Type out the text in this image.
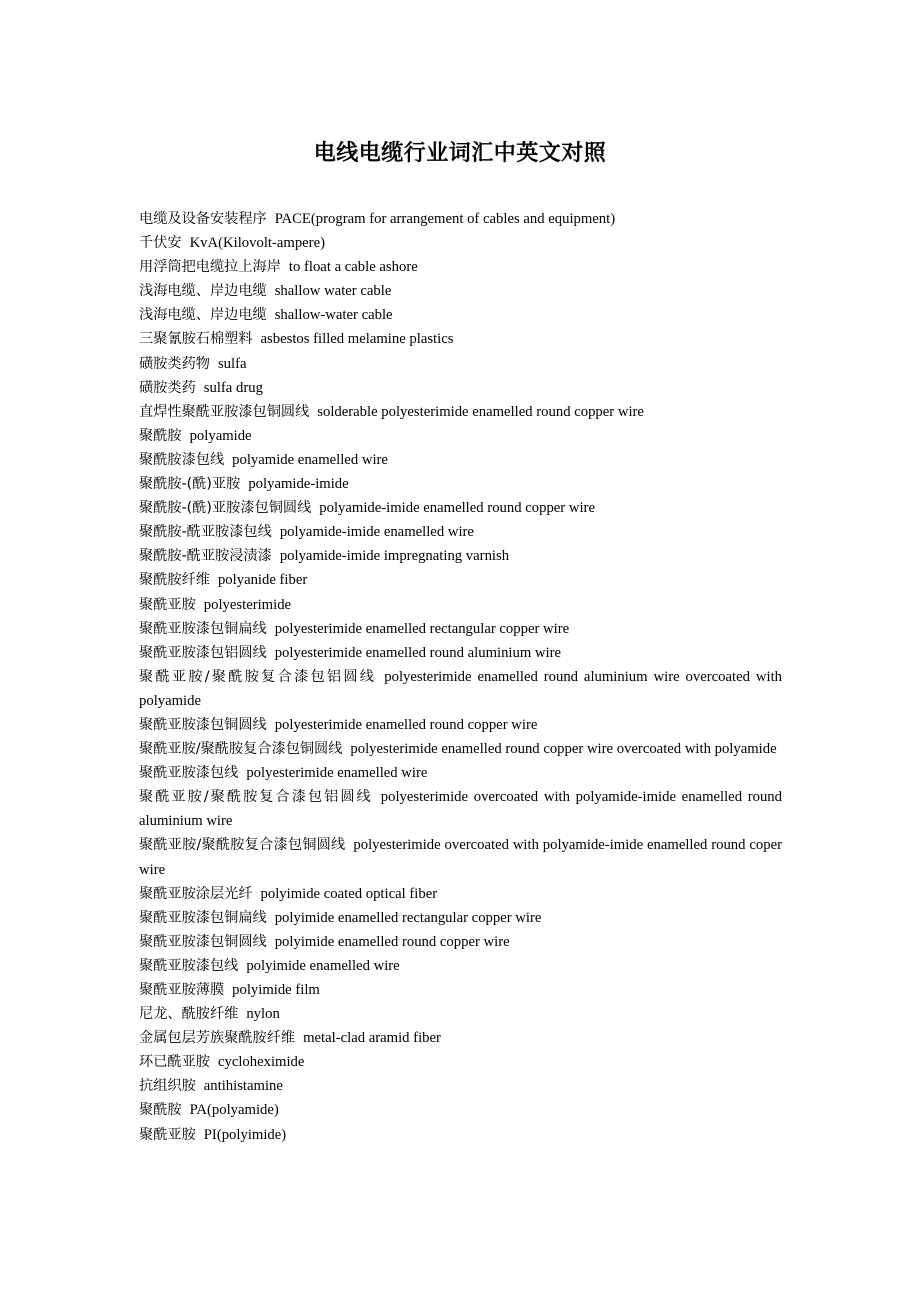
电线电缆行业词汇中英文对照
电缆及设备安装程序 PACE(program for arrangement of cables and equipment)
千伏安 KvA(Kilovolt-ampere)
用浮筒把电缆拉上海岸 to float a cable ashore
浅海电缆、岸边电缆 shallow water cable
浅海电缆、岸边电缆 shallow-water cable
三聚氰胺石棉塑料 asbestos filled melamine plastics
磺胺类药物 sulfa
磺胺类药 sulfa drug
直焊性聚酰亚胺漆包铜圆线 solderable polyesterimide enamelled round copper wire
聚酰胺 polyamide
聚酰胺漆包线 polyamide enamelled wire
聚酰胺-(酰)亚胺 polyamide-imide
聚酰胺-(酰)亚胺漆包铜圆线 polyamide-imide enamelled round copper wire
聚酰胺-酰亚胺漆包线 polyamide-imide enamelled wire
聚酰胺-酰亚胺浸渍漆 polyamide-imide impregnating varnish
聚酰胺纤维 polyanide fiber
聚酰亚胺 polyesterimide
聚酰亚胺漆包铜扁线 polyesterimide enamelled rectangular copper wire
聚酰亚胺漆包铝圆线 polyesterimide enamelled round aluminium wire
聚酰亚胺/聚酰胺复合漆包铝圆线 polyesterimide enamelled round aluminium wire overcoated with polyamide
聚酰亚胺漆包铜圆线 polyesterimide enamelled round copper wire
聚酰亚胺/聚酰胺复合漆包铜圆线 polyesterimide enamelled round copper wire overcoated with polyamide
聚酰亚胺漆包线 polyesterimide enamelled wire
聚酰亚胺/聚酰胺复合漆包铝圆线 polyesterimide overcoated with polyamide-imide enamelled round aluminium wire
聚酰亚胺/聚酰胺复合漆包铜圆线 polyesterimide overcoated with polyamide-imide enamelled round coper wire
聚酰亚胺涂层光纤 polyimide coated optical fiber
聚酰亚胺漆包铜扁线 polyimide enamelled rectangular copper wire
聚酰亚胺漆包铜圆线 polyimide enamelled round copper wire
聚酰亚胺漆包线 polyimide enamelled wire
聚酰亚胺薄膜 polyimide film
尼龙、酰胺纤维 nylon
金属包层芳族聚酰胺纤维 metal-clad aramid fiber
环已酰亚胺 cycloheximide
抗组织胺 antihistamine
聚酰胺 PA(polyamide)
聚酰亚胺 PI(polyimide)
